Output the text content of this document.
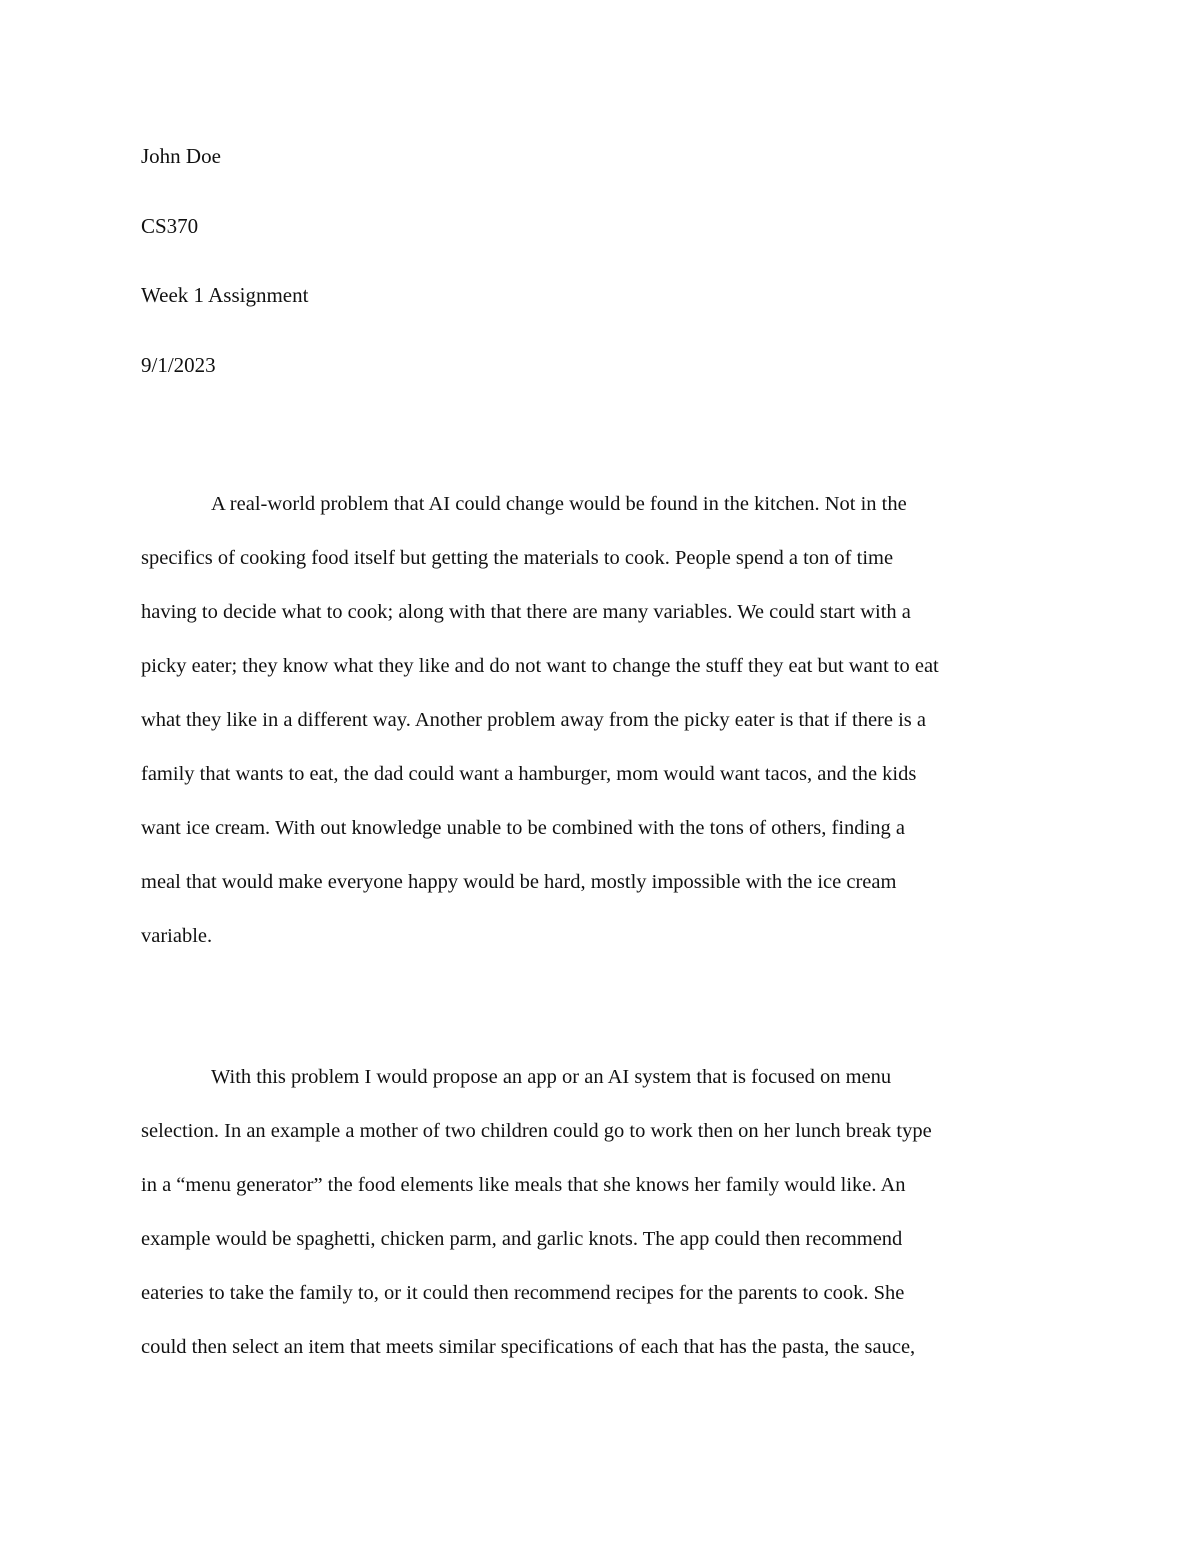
John Doe
CS370
Week 1 Assignment
9/1/2023
A real-world problem that AI could change would be found in the kitchen. Not in the
specifics of cooking food itself but getting the materials to cook. People spend a ton of time
having to decide what to cook; along with that there are many variables. We could start with a
picky eater; they know what they like and do not want to change the stuff they eat but want to eat
what they like in a different way. Another problem away from the picky eater is that if there is a
family that wants to eat, the dad could want a hamburger, mom would want tacos, and the kids
want ice cream. With out knowledge unable to be combined with the tons of others, finding a
meal that would make everyone happy would be hard, mostly impossible with the ice cream
variable.
With this problem I would propose an app or an AI system that is focused on menu
selection. In an example a mother of two children could go to work then on her lunch break type
in a “menu generator” the food elements like meals that she knows her family would like. An
example would be spaghetti, chicken parm, and garlic knots. The app could then recommend
eateries to take the family to, or it could then recommend recipes for the parents to cook. She
could then select an item that meets similar specifications of each that has the pasta, the sauce,
